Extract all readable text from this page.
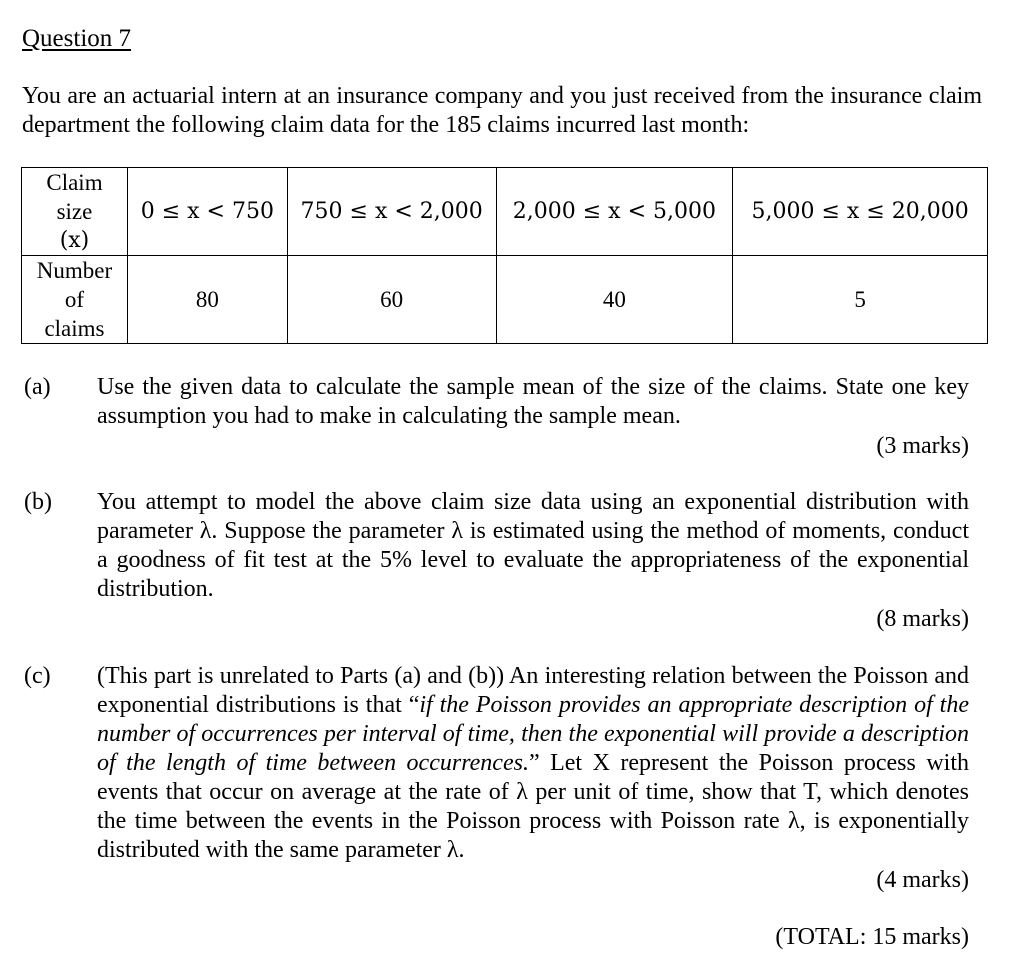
Question 7
You are an actuarial intern at an insurance company and you just received from the insurance claim department the following claim data for the 185 claims incurred last month:
Claim
size
(x)	0 ≤ x < 750	750 ≤ x < 2,000	2,000 ≤ x < 5,000	5,000 ≤ x ≤ 20,000

Number
of
claims	80	60	40	5
(a) Use the given data to calculate the sample mean of the size of the claims. State one key assumption you had to make in calculating the sample mean.
(3 marks)
(b) You attempt to model the above claim size data using an exponential distribution with parameter λ. Suppose the parameter λ is estimated using the method of moments, conduct a goodness of fit test at the 5% level to evaluate the appropriateness of the exponential distribution.
(8 marks)
(c) (This part is unrelated to Parts (a) and (b)) An interesting relation between the Poisson and exponential distributions is that “if the Poisson provides an appropriate description of the number of occurrences per interval of time, then the exponential will provide a description of the length of time between occurrences.” Let X represent the Poisson process with events that occur on average at the rate of λ per unit of time, show that T, which denotes the time between the events in the Poisson process with Poisson rate λ, is exponentially distributed with the same parameter λ.
(4 marks)
(TOTAL: 15 marks)
